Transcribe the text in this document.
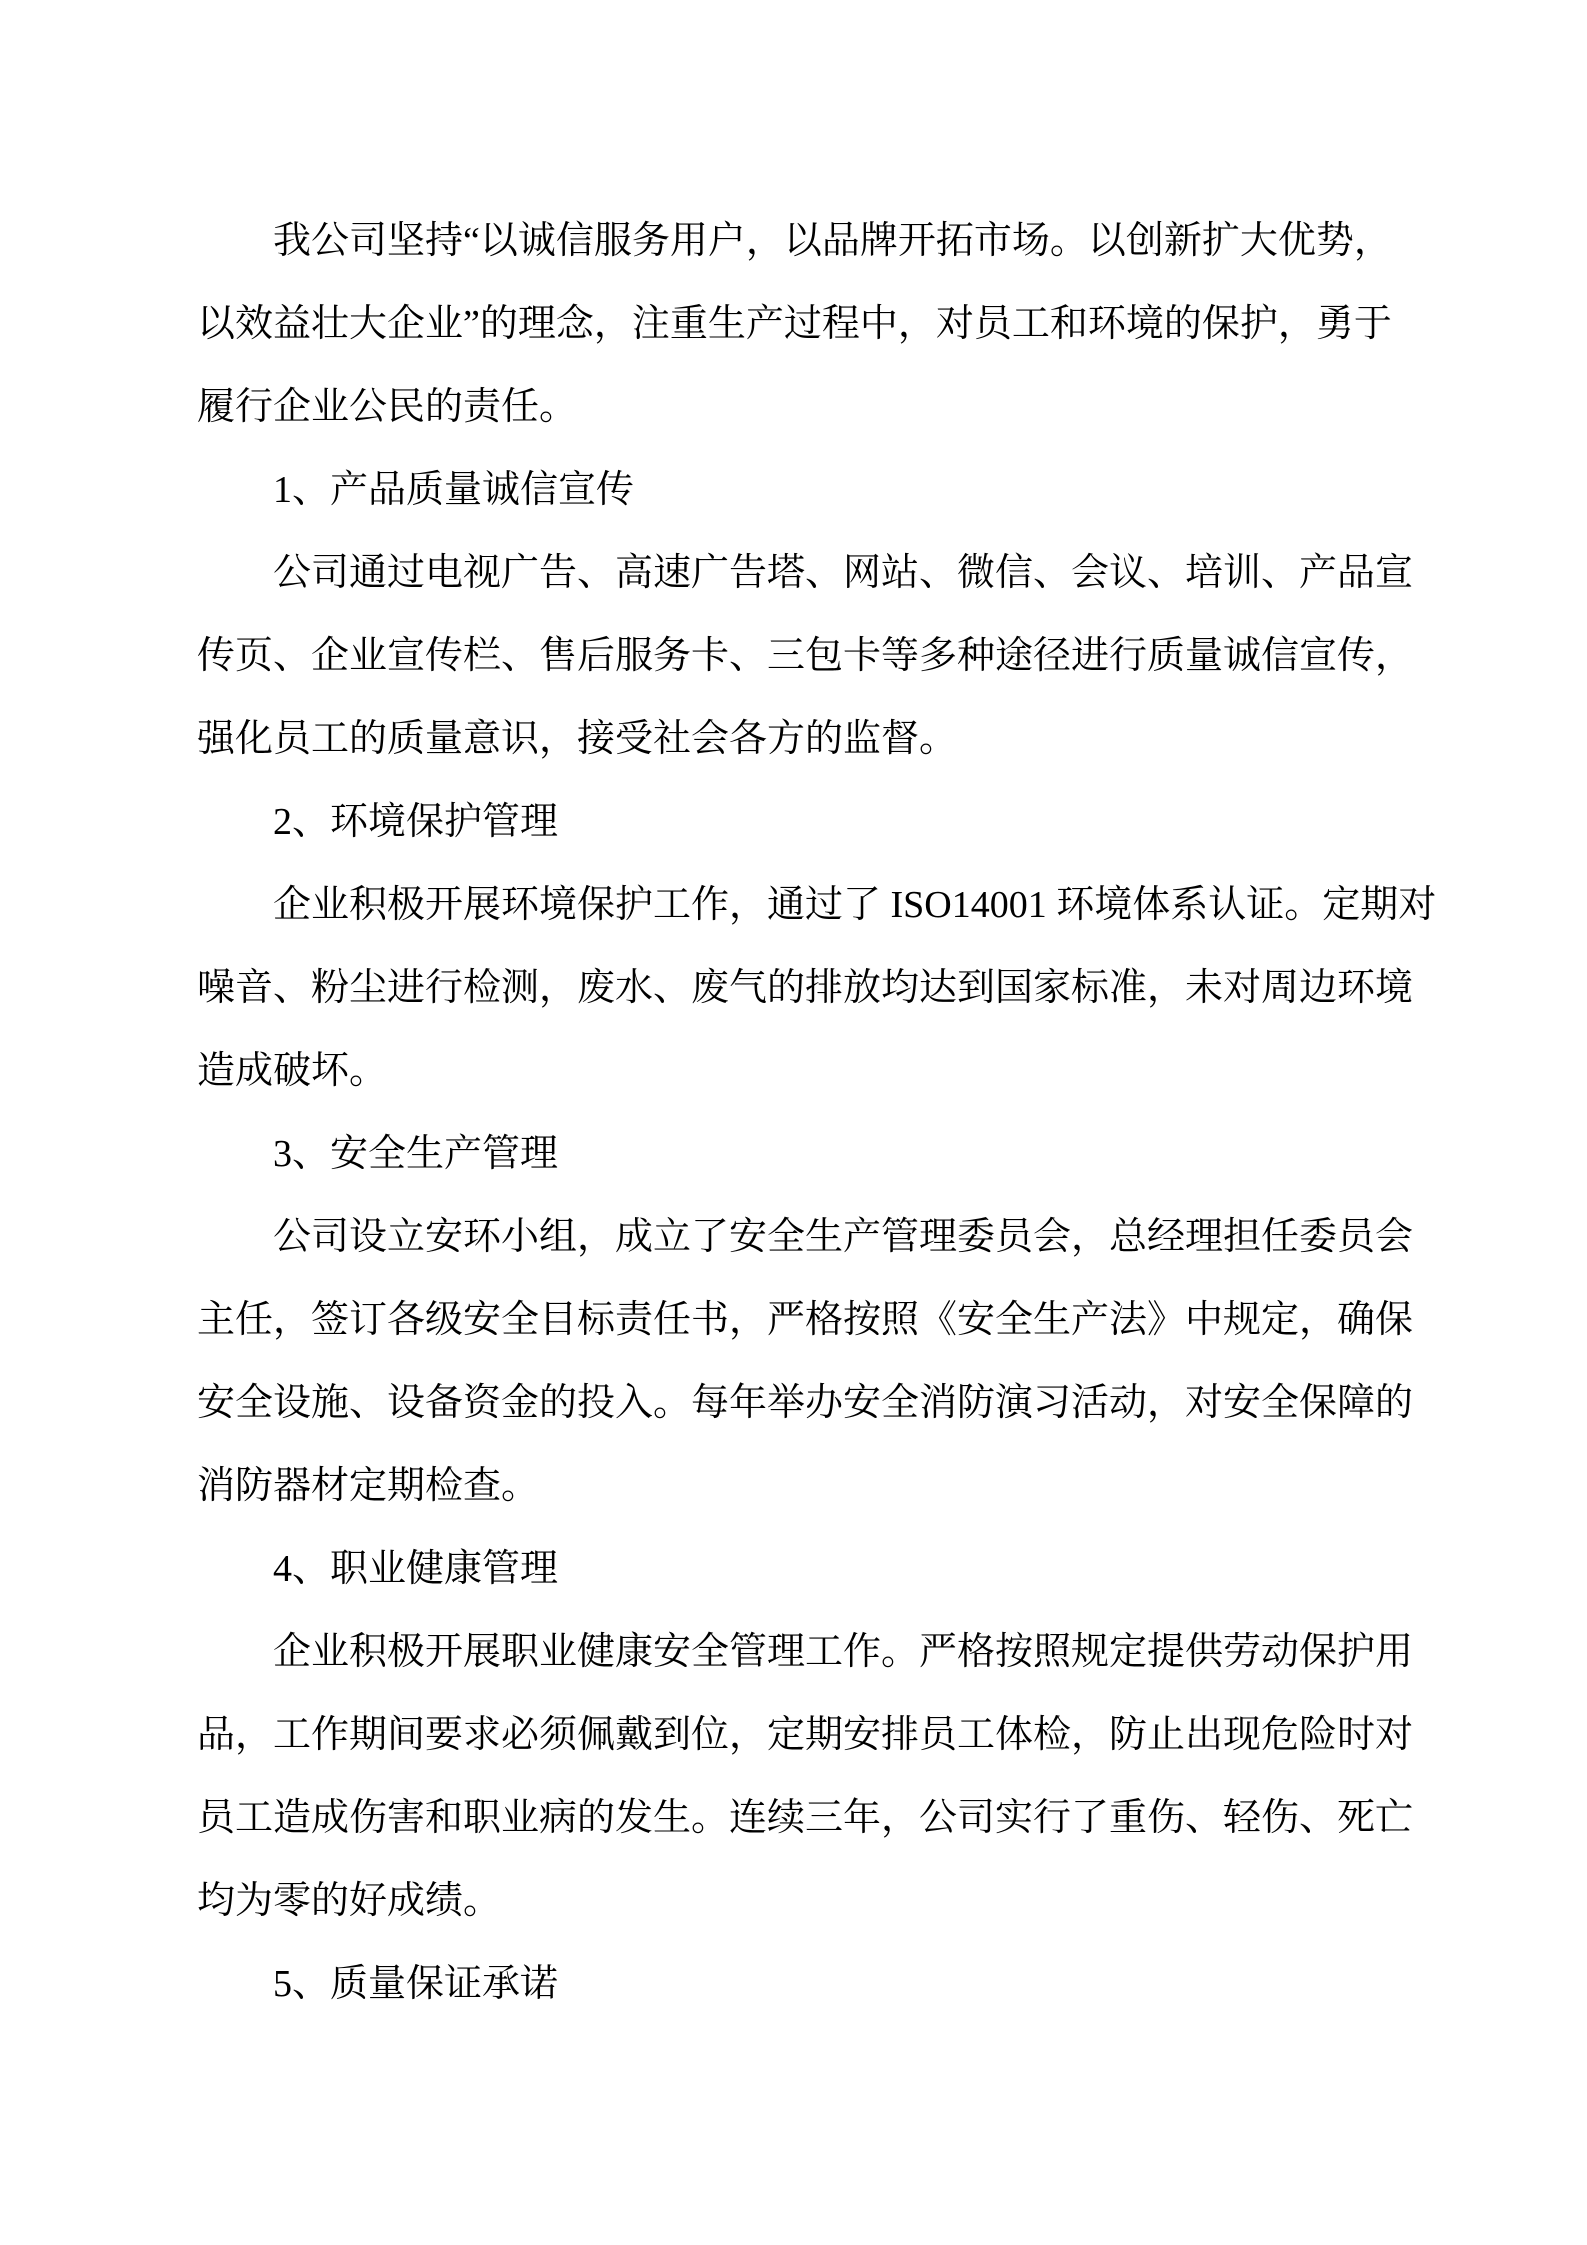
我公司坚持“以诚信服务用户，以品牌开拓市场。以创新扩大优势，
以效益壮大企业”的理念，注重生产过程中，对员工和环境的保护，勇于
履行企业公民的责任。
1、产品质量诚信宣传
公司通过电视广告、高速广告塔、网站、微信、会议、培训、产品宣
传页、企业宣传栏、售后服务卡、三包卡等多种途径进行质量诚信宣传，
强化员工的质量意识，接受社会各方的监督。
2、环境保护管理
企业积极开展环境保护工作，通过了 ISO14001 环境体系认证。定期对
噪音、粉尘进行检测，废水、废气的排放均达到国家标准，未对周边环境
造成破坏。
3、安全生产管理
公司设立安环小组，成立了安全生产管理委员会，总经理担任委员会
主任，签订各级安全目标责任书，严格按照《安全生产法》中规定，确保
安全设施、设备资金的投入。每年举办安全消防演习活动，对安全保障的
消防器材定期检查。
4、职业健康管理
企业积极开展职业健康安全管理工作。严格按照规定提供劳动保护用
品，工作期间要求必须佩戴到位，定期安排员工体检，防止出现危险时对
员工造成伤害和职业病的发生。连续三年，公司实行了重伤、轻伤、死亡
均为零的好成绩。
5、质量保证承诺
